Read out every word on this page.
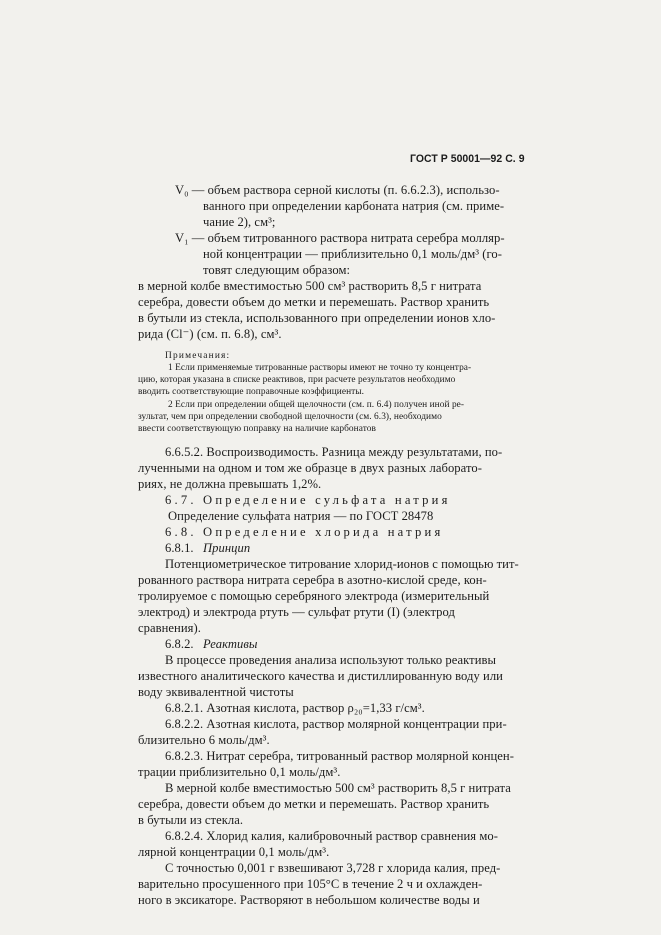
ГОСТ Р 50001—92 С. 9
V₀ — объем раствора серной кислоты (п. 6.6.2.3), использо-
ванного при определении карбоната натрия (см. приме-
чание 2), см³;
V₁ — объем титрованного раствора нитрата серебра молляр-
ной концентрации — приблизительно 0,1 моль/дм³ (го-
товят следующим образом:
в мерной колбе вместимостью 500 см³ растворить 8,5 г нитрата
серебра, довести объем до метки и перемешать. Раствор хранить
в бутыли из стекла, использованного при определении ионов хло-
рида (Cl⁻) (см. п. 6.8), см³.
Примечания:
1 Если применяемые титрованные растворы имеют не точно ту концентра-
цию, которая указана в списке реактивов, при расчете результатов необходимо
вводить соответствующие поправочные коэффициенты.
2 Если при определении общей щелочности (см. п. 6.4) получен иной ре-
зультат, чем при определении свободной щелочности (см. 6.3), необходимо
ввести соответствующую поправку на наличие карбонатов
6.6.5.2. Воспроизводимость. Разница между результатами, по-
лученными на одном и том же образце в двух разных лаборато-
риях, не должна превышать 1,2%.
6.7. Определение сульфата натрия
Определение сульфата натрия — по ГОСТ 28478
6.8. Определение хлорида натрия
6.8.1. Принцип
Потенциометрическое титрование хлорид-ионов с помощью тит-
рованного раствора нитрата серебра в азотно-кислой среде, кон-
тролируемое с помощью серебряного электрода (измерительный
электрод) и электрода ртуть — сульфат ртути (I) (электрод
сравнения).
6.8.2. Реактивы
В процессе проведения анализа используют только реактивы
известного аналитического качества и дистиллированную воду или
воду эквивалентной чистоты
6.8.2.1. Азотная кислота, раствор ρ₂₀=1,33 г/см³.
6.8.2.2. Азотная кислота, раствор молярной концентрации при-
близительно 6 моль/дм³.
6.8.2.3. Нитрат серебра, титрованный раствор молярной концен-
трации приблизительно 0,1 моль/дм³.
В мерной колбе вместимостью 500 см³ растворить 8,5 г нитрата
серебра, довести объем до метки и перемешать. Раствор хранить
в бутыли из стекла.
6.8.2.4. Хлорид калия, калибровочный раствор сравнения мо-
лярной концентрации 0,1 моль/дм³.
С точностью 0,001 г взвешивают 3,728 г хлорида калия, пред-
варительно просушенного при 105°С в течение 2 ч и охлажден-
ного в эксикаторе. Растворяют в небольшом количестве воды и
